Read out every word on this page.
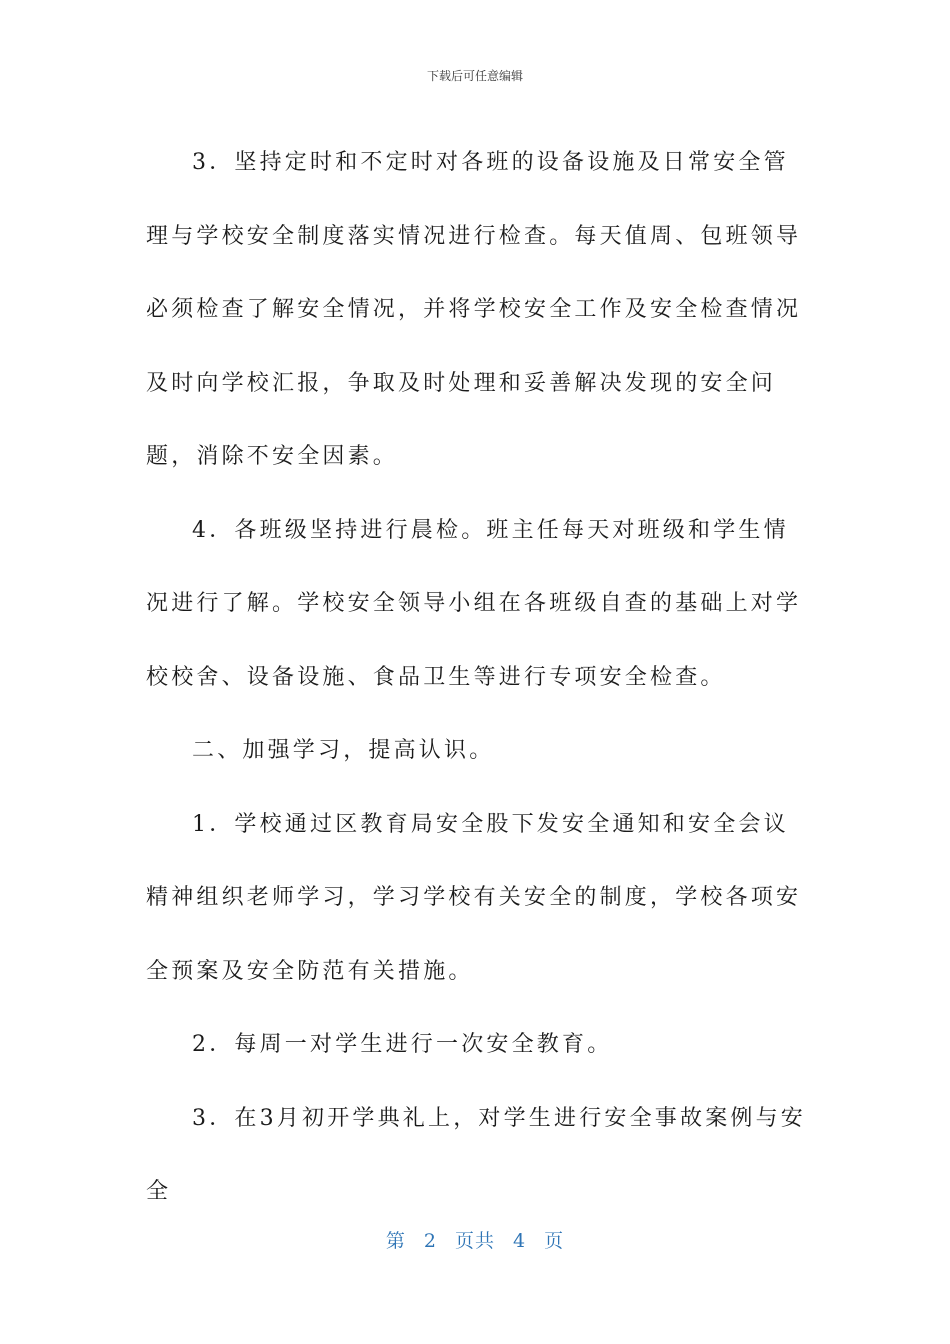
下载后可任意编辑

3．坚持定时和不定时对各班的设备设施及日常安全管理与学校安全制度落实情况进行检查。每天值周、包班领导必须检查了解安全情况，并将学校安全工作及安全检查情况及时向学校汇报，争取及时处理和妥善解决发现的安全问题，消除不安全因素。

4．各班级坚持进行晨检。班主任每天对班级和学生情况进行了解。学校安全领导小组在各班级自查的基础上对学校校舍、设备设施、食品卫生等进行专项安全检查。

二、加强学习，提高认识。

1．学校通过区教育局安全股下发安全通知和安全会议精神组织老师学习，学习学校有关安全的制度，学校各项安全预案及安全防范有关措施。

2．每周一对学生进行一次安全教育。

3．在3月初开学典礼上，对学生进行安全事故案例与安全

第 2 页共 4 页
